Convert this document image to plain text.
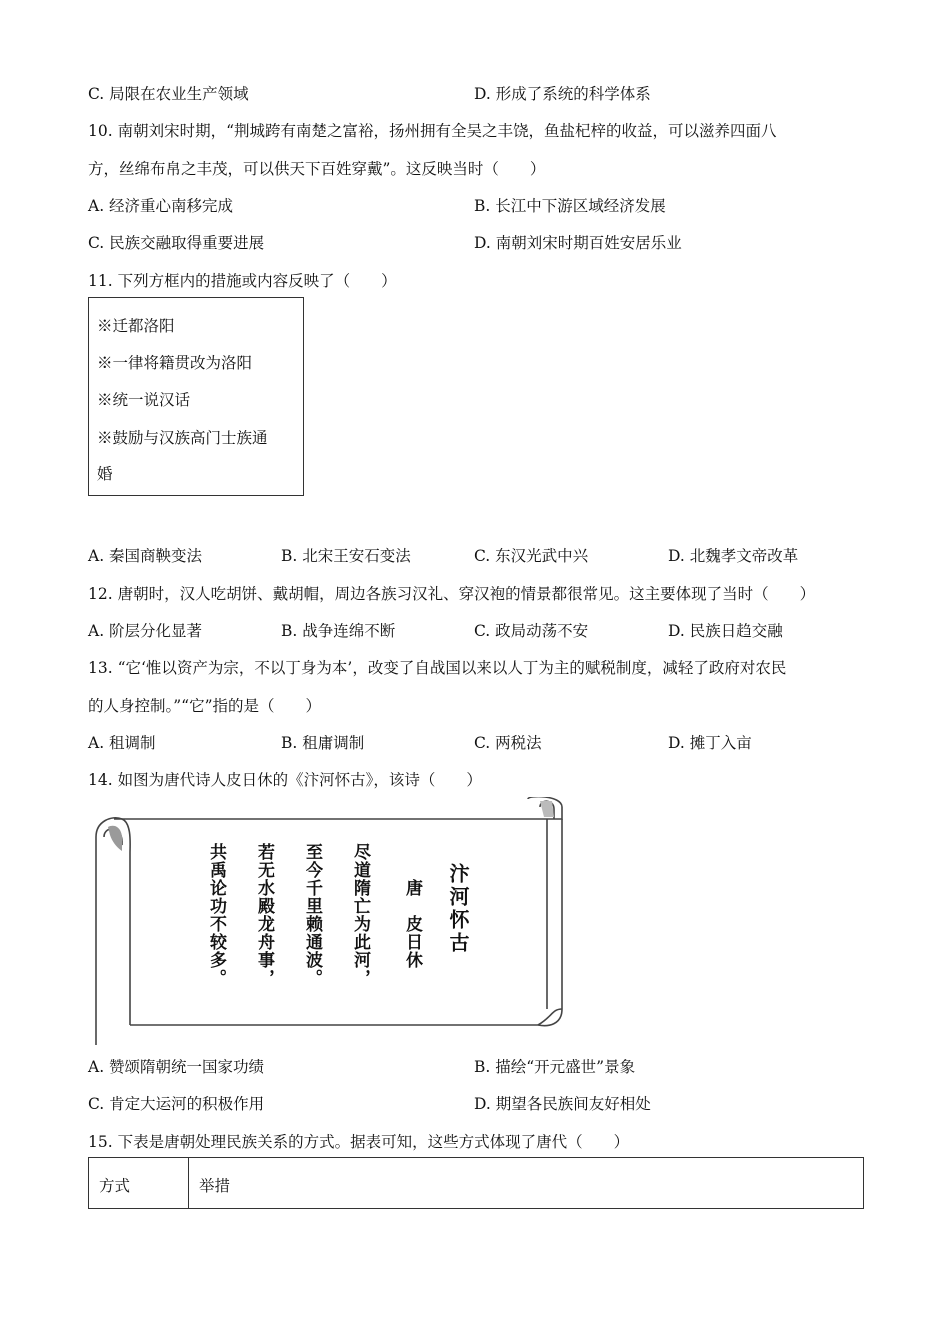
C. 局限在农业生产领域	D. 形成了系统的科学体系
10. 南朝刘宋时期，“荆城跨有南楚之富裕，扬州拥有全吴之丰饶，鱼盐杞梓的收益，可以滋养四面八
方，丝绵布帛之丰茂，可以供天下百姓穿戴”。这反映当时（　　）
A. 经济重心南移完成	B. 长江中下游区域经济发展
C. 民族交融取得重要进展	D. 南朝刘宋时期百姓安居乐业
11. 下列方框内的措施或内容反映了（　　）
※迁都洛阳
※一律将籍贯改为洛阳
※统一说汉话
※鼓励与汉族高门士族通
婚
A. 秦国商鞅变法	B. 北宋王安石变法	C. 东汉光武中兴	D. 北魏孝文帝改革
12. 唐朝时，汉人吃胡饼、戴胡帽，周边各族习汉礼、穿汉袍的情景都很常见。这主要体现了当时（　　）
A. 阶层分化显著	B. 战争连绵不断	C. 政局动荡不安	D. 民族日趋交融
13. “它‘惟以资产为宗，不以丁身为本’，改变了自战国以来以人丁为主的赋税制度，减轻了政府对农民
的人身控制。”“它”指的是（　　）
A. 租调制	B. 租庸调制	C. 两税法	D. 摊丁入亩
14. 如图为唐代诗人皮日休的《汴河怀古》，该诗（　　）
汴河怀古
唐
皮日休
尽道隋亡为此河，
至今千里赖通波。
若无水殿龙舟事，
共禹论功不较多。
A. 赞颂隋朝统一国家功绩	B. 描绘“开元盛世”景象
C. 肯定大运河的积极作用	D. 期望各民族间友好相处
15. 下表是唐朝处理民族关系的方式。据表可知，这些方式体现了唐代（　　）
方式	举措
